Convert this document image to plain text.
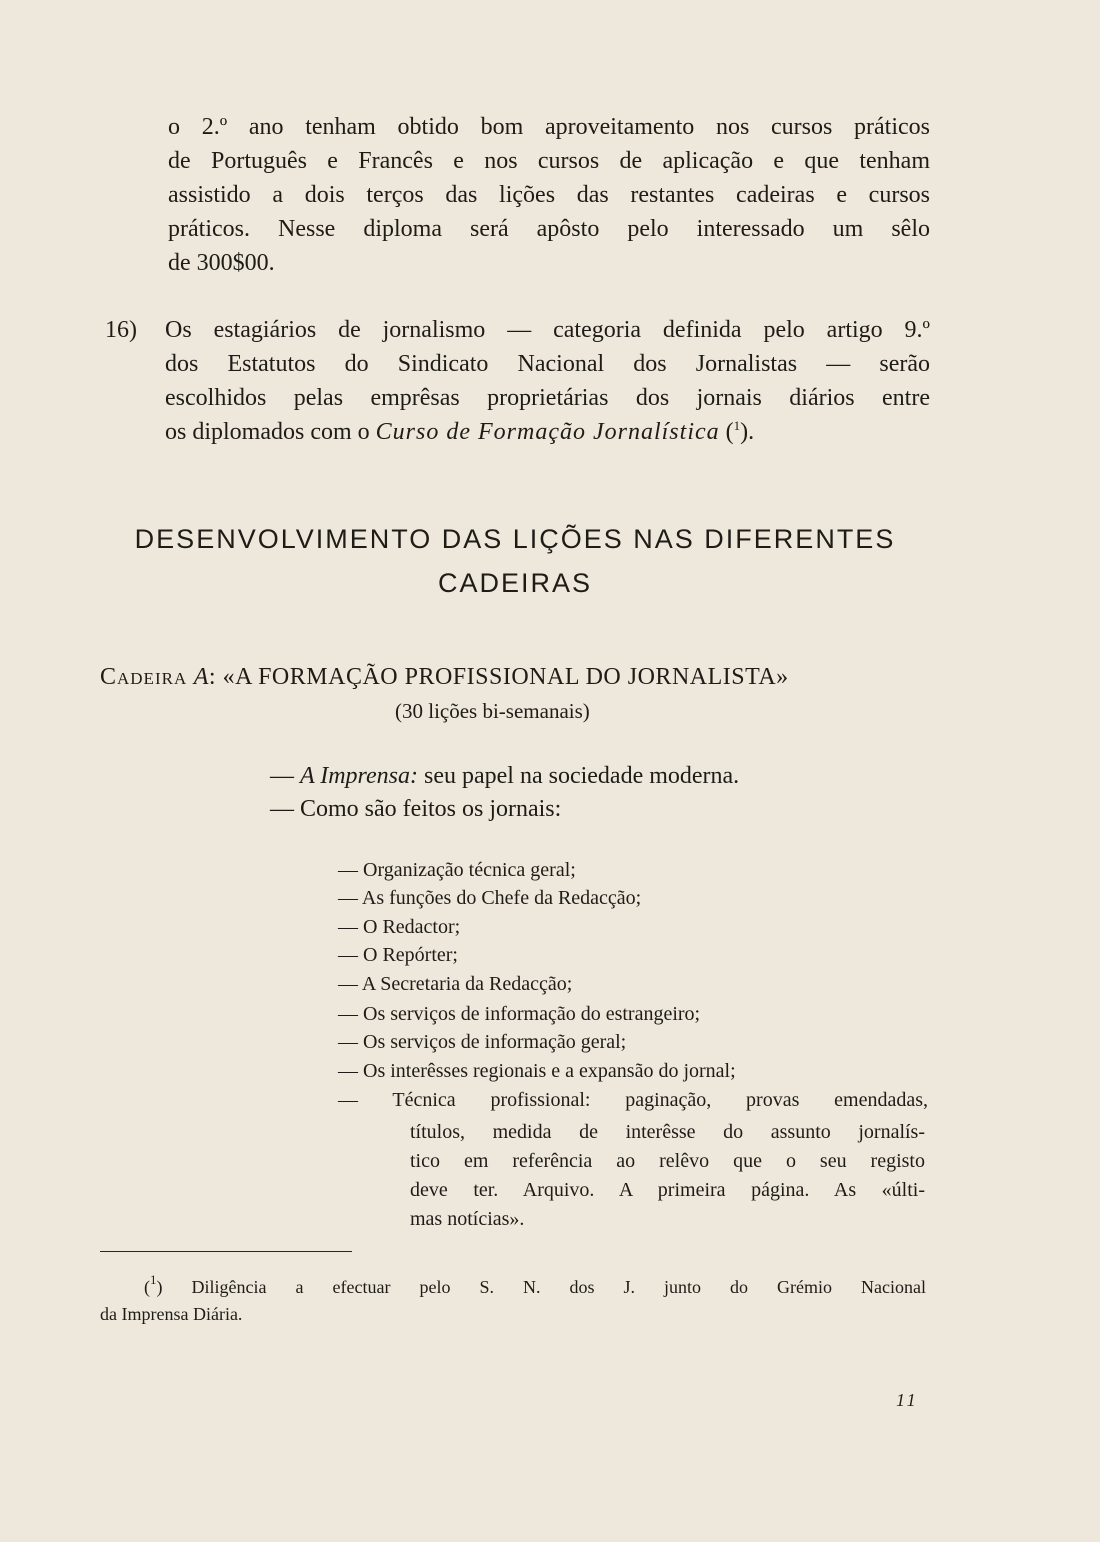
o 2.º ano tenham obtido bom aproveitamento nos cursos práticos

de Português e Francês e nos cursos de aplicação e que tenham

assistido a dois terços das lições das restantes cadeiras e cursos

práticos. Nesse diploma será apôsto pelo interessado um sêlo

de 300$00.

16) Os estagiários de jornalismo — categoria definida pelo artigo 9.º

dos Estatutos do Sindicato Nacional dos Jornalistas — serão

escolhidos pelas emprêsas proprietárias dos jornais diários entre

os diplomados com o Curso de Formação Jornalística ($^1$).

DESENVOLVIMENTO DAS LIÇÕES NAS DIFERENTES
CADEIRAS

Cadeira A: «A FORMAÇÃO PROFISSIONAL DO JORNALISTA»

(30 lições bi-semanais)

— A Imprensa: seu papel na sociedade moderna.

— Como são feitos os jornais:

— Organização técnica geral;

— As funções do Chefe da Redacção;

— O Redactor;

— O Repórter;

— A Secretaria da Redacção;

— Os serviços de informação do estrangeiro;

— Os serviços de informação geral;

— Os interêsses regionais e a expansão do jornal;

— Técnica profissional: paginação, provas emendadas,

títulos, medida de interêsse do assunto jornalís-

tico em referência ao relêvo que o seu registo

deve ter. Arquivo. A primeira página. As «últi-

mas notícias».

($^1$) Diligência a efectuar pelo S. N. dos J. junto do Grémio Nacional

da Imprensa Diária.

11
